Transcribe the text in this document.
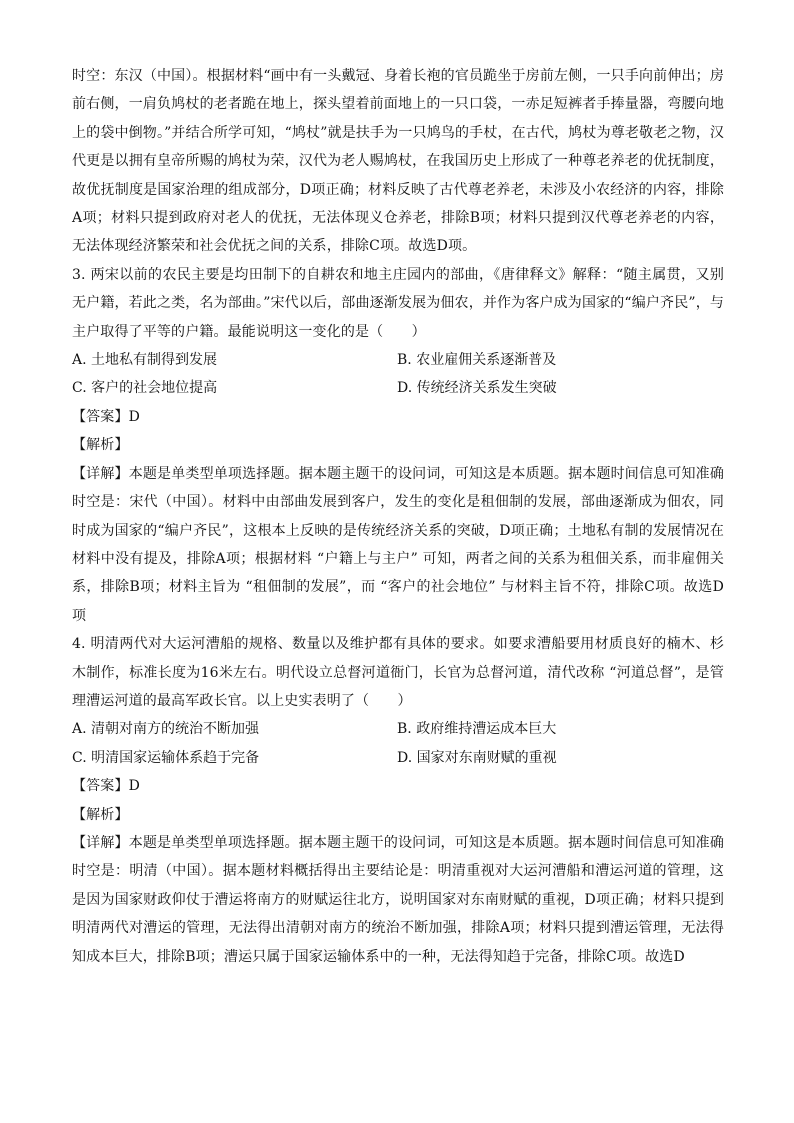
时空：东汉（中国）。根据材料“画中有一头戴冠、身着长袍的官员跪坐于房前左侧，一只手向前伸出；房前右侧，一肩负鸠杖的老者跪在地上，探头望着前面地上的一只口袋，一赤足短裤者手捧量器，弯腰向地上的袋中倒物。”并结合所学可知，“鸠杖”就是扶手为一只鸠鸟的手杖，在古代，鸠杖为尊老敬老之物，汉代更是以拥有皇帝所赐的鸠杖为荣，汉代为老人赐鸠杖，在我国历史上形成了一种尊老养老的优抚制度，故优抚制度是国家治理的组成部分，D项正确；材料反映了古代尊老养老，未涉及小农经济的内容，排除A项；材料只提到政府对老人的优抚，无法体现义仓养老，排除B项；材料只提到汉代尊老养老的内容，无法体现经济繁荣和社会优抚之间的关系，排除C项。故选D项。

3. 两宋以前的农民主要是均田制下的自耕农和地主庄园内的部曲，《唐律释文》解释：“随主属贯，又别无户籍，若此之类，名为部曲。”宋代以后，部曲逐渐发展为佃农，并作为客户成为国家的“编户齐民”，与主户取得了平等的户籍。最能说明这一变化的是（　　）

A. 土地私有制得到发展	B. 农业雇佣关系逐渐普及
C. 客户的社会地位提高	D. 传统经济关系发生突破

【答案】D

【解析】

【详解】本题是单类型单项选择题。据本题主题干的设问词，可知这是本质题。据本题时间信息可知准确时空是：宋代（中国）。材料中由部曲发展到客户，发生的变化是租佃制的发展，部曲逐渐成为佃农，同时成为国家的“编户齐民”，这根本上反映的是传统经济关系的突破，D项正确；土地私有制的发展情况在材料中没有提及，排除A项；根据材料 “户籍上与主户” 可知，两者之间的关系为租佃关系，而非雇佣关系，排除B项；材料主旨为 “租佃制的发展”，而 “客户的社会地位” 与材料主旨不符，排除C项。故选D项

4. 明清两代对大运河漕船的规格、数量以及维护都有具体的要求。如要求漕船要用材质良好的楠木、杉木制作，标准长度为16米左右。明代设立总督河道衙门，长官为总督河道，清代改称 “河道总督”，是管理漕运河道的最高军政长官。以上史实表明了（　　）

A. 清朝对南方的统治不断加强	B. 政府维持漕运成本巨大
C. 明清国家运输体系趋于完备	D. 国家对东南财赋的重视

【答案】D

【解析】

【详解】本题是单类型单项选择题。据本题主题干的设问词，可知这是本质题。据本题时间信息可知准确时空是：明清（中国）。据本题材料概括得出主要结论是：明清重视对大运河漕船和漕运河道的管理，这是因为国家财政仰仗于漕运将南方的财赋运往北方，说明国家对东南财赋的重视，D项正确；材料只提到明清两代对漕运的管理，无法得出清朝对南方的统治不断加强，排除A项；材料只提到漕运管理，无法得知成本巨大，排除B项；漕运只属于国家运输体系中的一种，无法得知趋于完备，排除C项。故选D
